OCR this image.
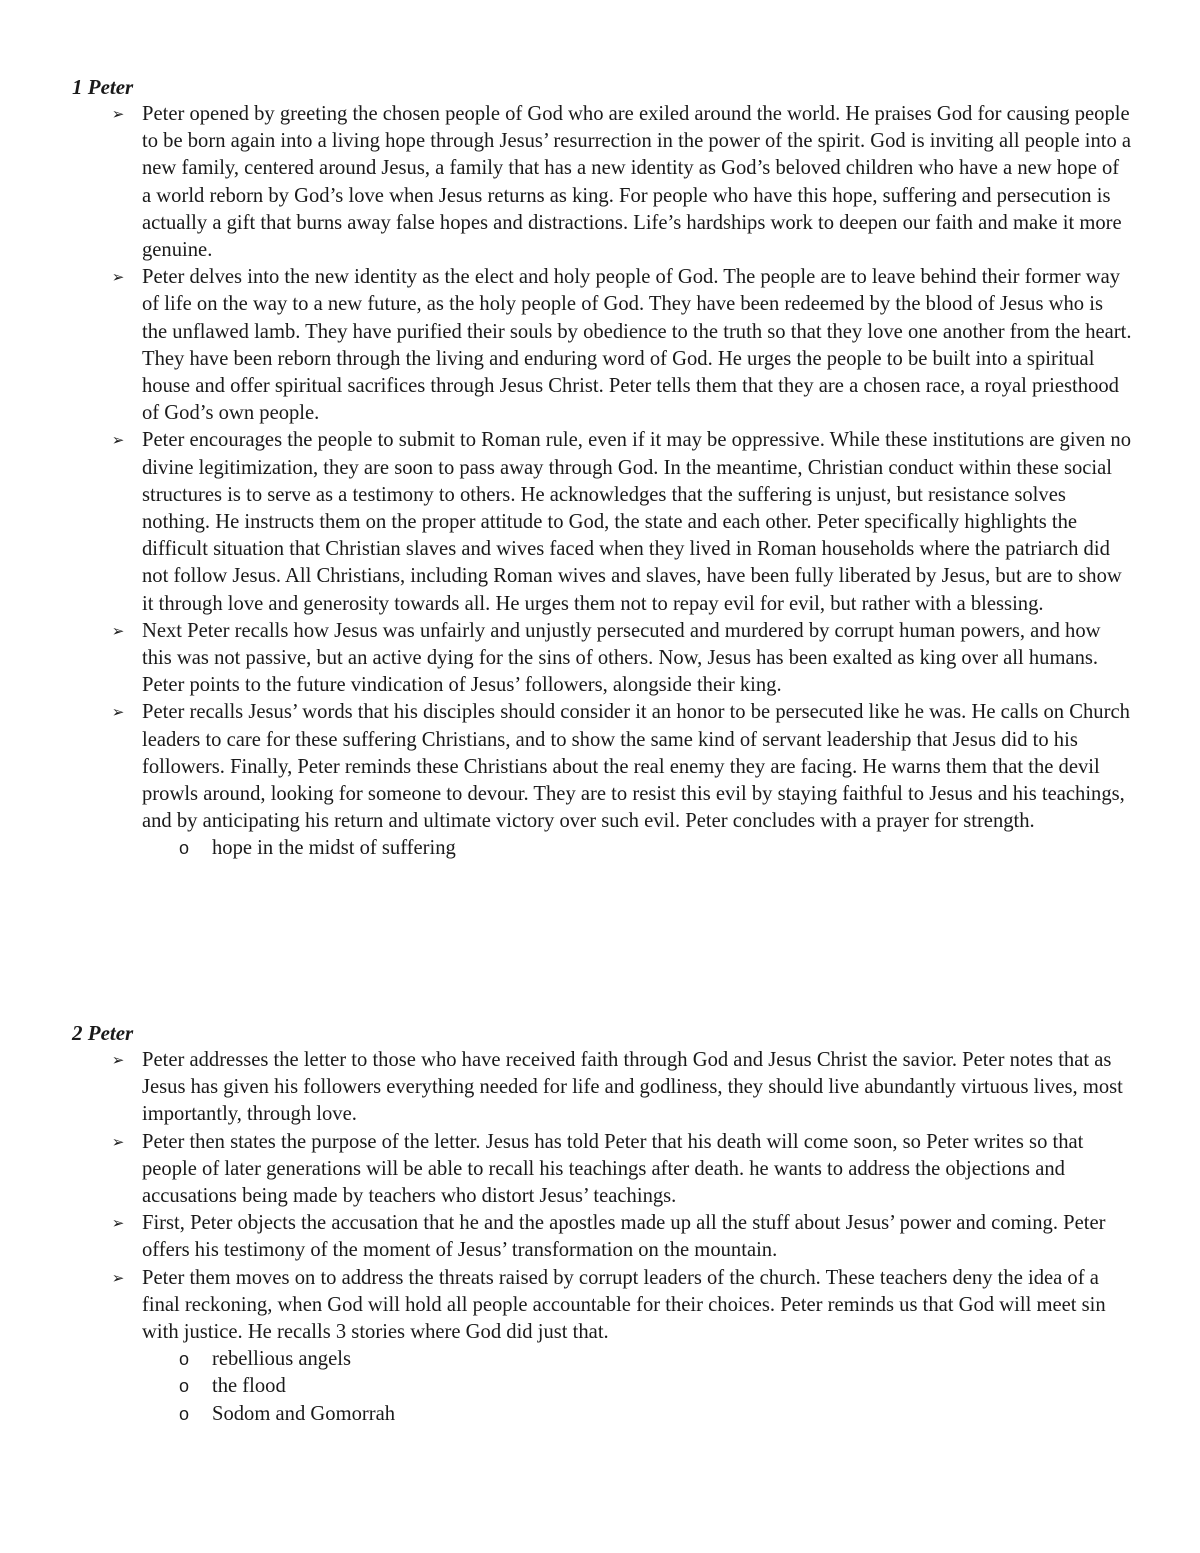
1 Peter

➢ Peter opened by greeting the chosen people of God who are exiled around the world. He praises God for causing people to be born again into a living hope through Jesus’ resurrection in the power of the spirit. God is inviting all people into a new family, centered around Jesus, a family that has a new identity as God’s beloved children who have a new hope of a world reborn by God’s love when Jesus returns as king. For people who have this hope, suffering and persecution is actually a gift that burns away false hopes and distractions. Life’s hardships work to deepen our faith and make it more genuine.
➢ Peter delves into the new identity as the elect and holy people of God. The people are to leave behind their former way of life on the way to a new future, as the holy people of God. They have been redeemed by the blood of Jesus who is the unflawed lamb. They have purified their souls by obedience to the truth so that they love one another from the heart. They have been reborn through the living and enduring word of God. He urges the people to be built into a spiritual house and offer spiritual sacrifices through Jesus Christ. Peter tells them that they are a chosen race, a royal priesthood of God’s own people.
➢ Peter encourages the people to submit to Roman rule, even if it may be oppressive. While these institutions are given no divine legitimization, they are soon to pass away through God. In the meantime, Christian conduct within these social structures is to serve as a testimony to others. He acknowledges that the suffering is unjust, but resistance solves nothing. He instructs them on the proper attitude to God, the state and each other. Peter specifically highlights the difficult situation that Christian slaves and wives faced when they lived in Roman households where the patriarch did not follow Jesus. All Christians, including Roman wives and slaves, have been fully liberated by Jesus, but are to show it through love and generosity towards all. He urges them not to repay evil for evil, but rather with a blessing.
➢ Next Peter recalls how Jesus was unfairly and unjustly persecuted and murdered by corrupt human powers, and how this was not passive, but an active dying for the sins of others. Now, Jesus has been exalted as king over all humans. Peter points to the future vindication of Jesus’ followers, alongside their king.
➢ Peter recalls Jesus’ words that his disciples should consider it an honor to be persecuted like he was. He calls on Church leaders to care for these suffering Christians, and to show the same kind of servant leadership that Jesus did to his followers. Finally, Peter reminds these Christians about the real enemy they are facing. He warns them that the devil prowls around, looking for someone to devour. They are to resist this evil by staying faithful to Jesus and his teachings, and by anticipating his return and ultimate victory over such evil. Peter concludes with a prayer for strength.
o hope in the midst of suffering

2 Peter

➢ Peter addresses the letter to those who have received faith through God and Jesus Christ the savior. Peter notes that as Jesus has given his followers everything needed for life and godliness, they should live abundantly virtuous lives, most importantly, through love.
➢ Peter then states the purpose of the letter. Jesus has told Peter that his death will come soon, so Peter writes so that people of later generations will be able to recall his teachings after death. he wants to address the objections and accusations being made by teachers who distort Jesus’ teachings.
➢ First, Peter objects the accusation that he and the apostles made up all the stuff about Jesus’ power and coming. Peter offers his testimony of the moment of Jesus’ transformation on the mountain.
➢ Peter them moves on to address the threats raised by corrupt leaders of the church. These teachers deny the idea of a final reckoning, when God will hold all people accountable for their choices. Peter reminds us that God will meet sin with justice. He recalls 3 stories where God did just that.
o rebellious angels
o the flood
o Sodom and Gomorrah
